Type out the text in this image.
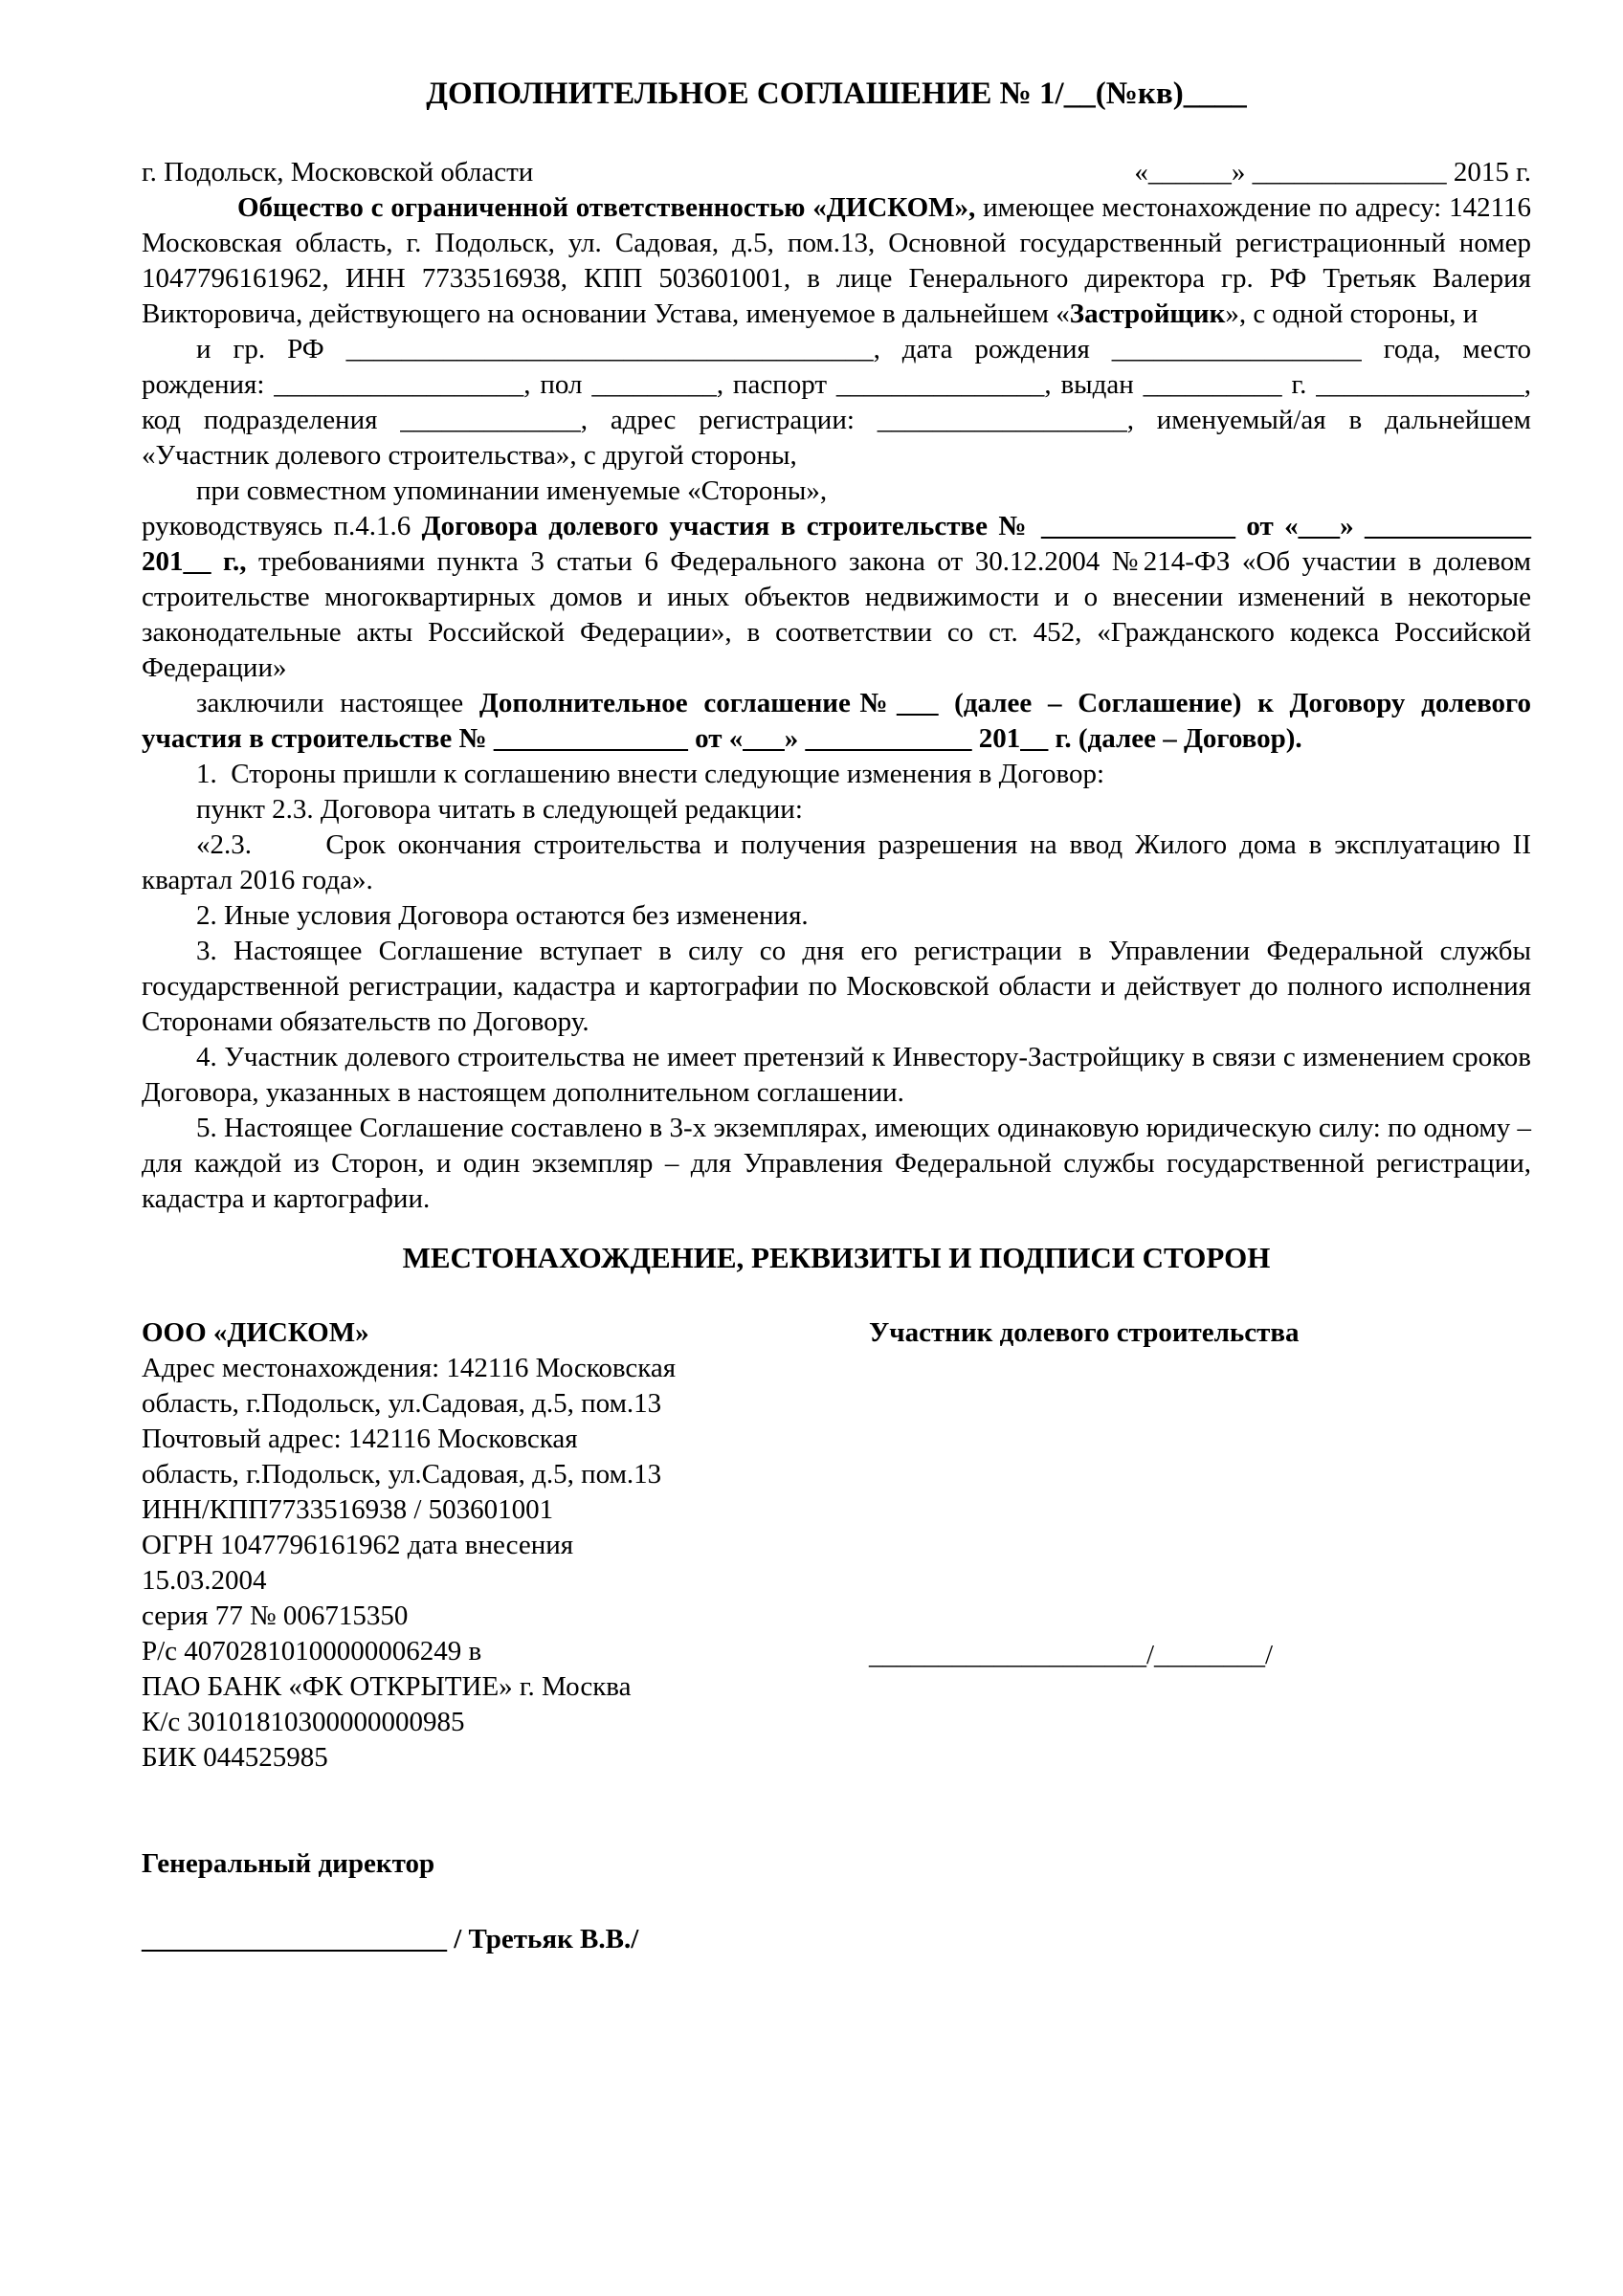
ДОПОЛНИТЕЛЬНОЕ СОГЛАШЕНИЕ № 1/__(№кв)____
г. Подольск, Московской области	«______» ______________ 2015 г.

Общество с ограниченной ответственностью «ДИСКОМ», имеющее местонахождение по адресу: 142116 Московская область, г. Подольск, ул. Садовая, д.5, пом.13, Основной государственный регистрационный номер 1047796161962, ИНН 7733516938, КПП 503601001, в лице Генерального директора гр. РФ Третьяк Валерия Викторовича, действующего на основании Устава, именуемое в дальнейшем «Застройщик», с одной стороны, и

и гр. РФ ______________________________________, дата рождения __________________ года, место рождения: __________________, пол _________, паспорт _______________, выдан __________ г. _______________, код подразделения _____________, адрес регистрации: __________________, именуемый/ая в дальнейшем «Участник долевого строительства», с другой стороны,

при совместном упоминании именуемые «Стороны»,

руководствуясь п.4.1.6 Договора долевого участия в строительстве № ______________ от «___» ____________ 201__ г., требованиями пункта 3 статьи 6 Федерального закона от 30.12.2004 №214-ФЗ «Об участии в долевом строительстве многоквартирных домов и иных объектов недвижимости и о внесении изменений в некоторые законодательные акты Российской Федерации», в соответствии со ст. 452, «Гражданского кодекса Российской Федерации»

заключили настоящее Дополнительное соглашение№___ (далее – Соглашение) к Договору долевого участия в строительстве № ______________ от «___» ____________ 201__ г. (далее – Договор).

1.  Стороны пришли к соглашению внести следующие изменения в Договор:

пункт 2.3. Договора читать в следующей редакции:

«2.3.      Срок окончания строительства и получения разрешения на ввод Жилого дома в эксплуатацию II квартал 2016 года».

2. Иные условия Договора остаются без изменения.

3. Настоящее Соглашение вступает в силу со дня его регистрации в Управлении Федеральной службы государственной регистрации, кадастра и картографии по Московской области и действует до полного исполнения Сторонами обязательств по Договору.

4. Участник долевого строительства не имеет претензий к Инвестору-Застройщику в связи с изменением сроков Договора, указанных в настоящем дополнительном соглашении.

5. Настоящее Соглашение составлено в 3-х экземплярах, имеющих одинаковую юридическую силу: по одному – для каждой из Сторон, и один экземпляр – для Управления Федеральной службы государственной регистрации, кадастра и картографии.

МЕСТОНАХОЖДЕНИЕ, РЕКВИЗИТЫ И ПОДПИСИ СТОРОН
ООО «ДИСКОМ»
Адрес местонахождения: 142116 Московская область, г.Подольск, ул.Садовая, д.5, пом.13
Почтовый адрес: 142116 Московская область, г.Подольск, ул.Садовая, д.5, пом.13
ИНН/КПП7733516938 / 503601001
ОГРН 1047796161962 дата внесения 15.03.2004
серия 77 № 006715350
Р/с 40702810100000006249 в
ПАО БАНК «ФК ОТКРЫТИЕ» г. Москва
К/с 30101810300000000985
БИК 044525985
Генеральный директор
______________________ / Третьяк В.В./
Участник долевого строительства
____________________/________/
